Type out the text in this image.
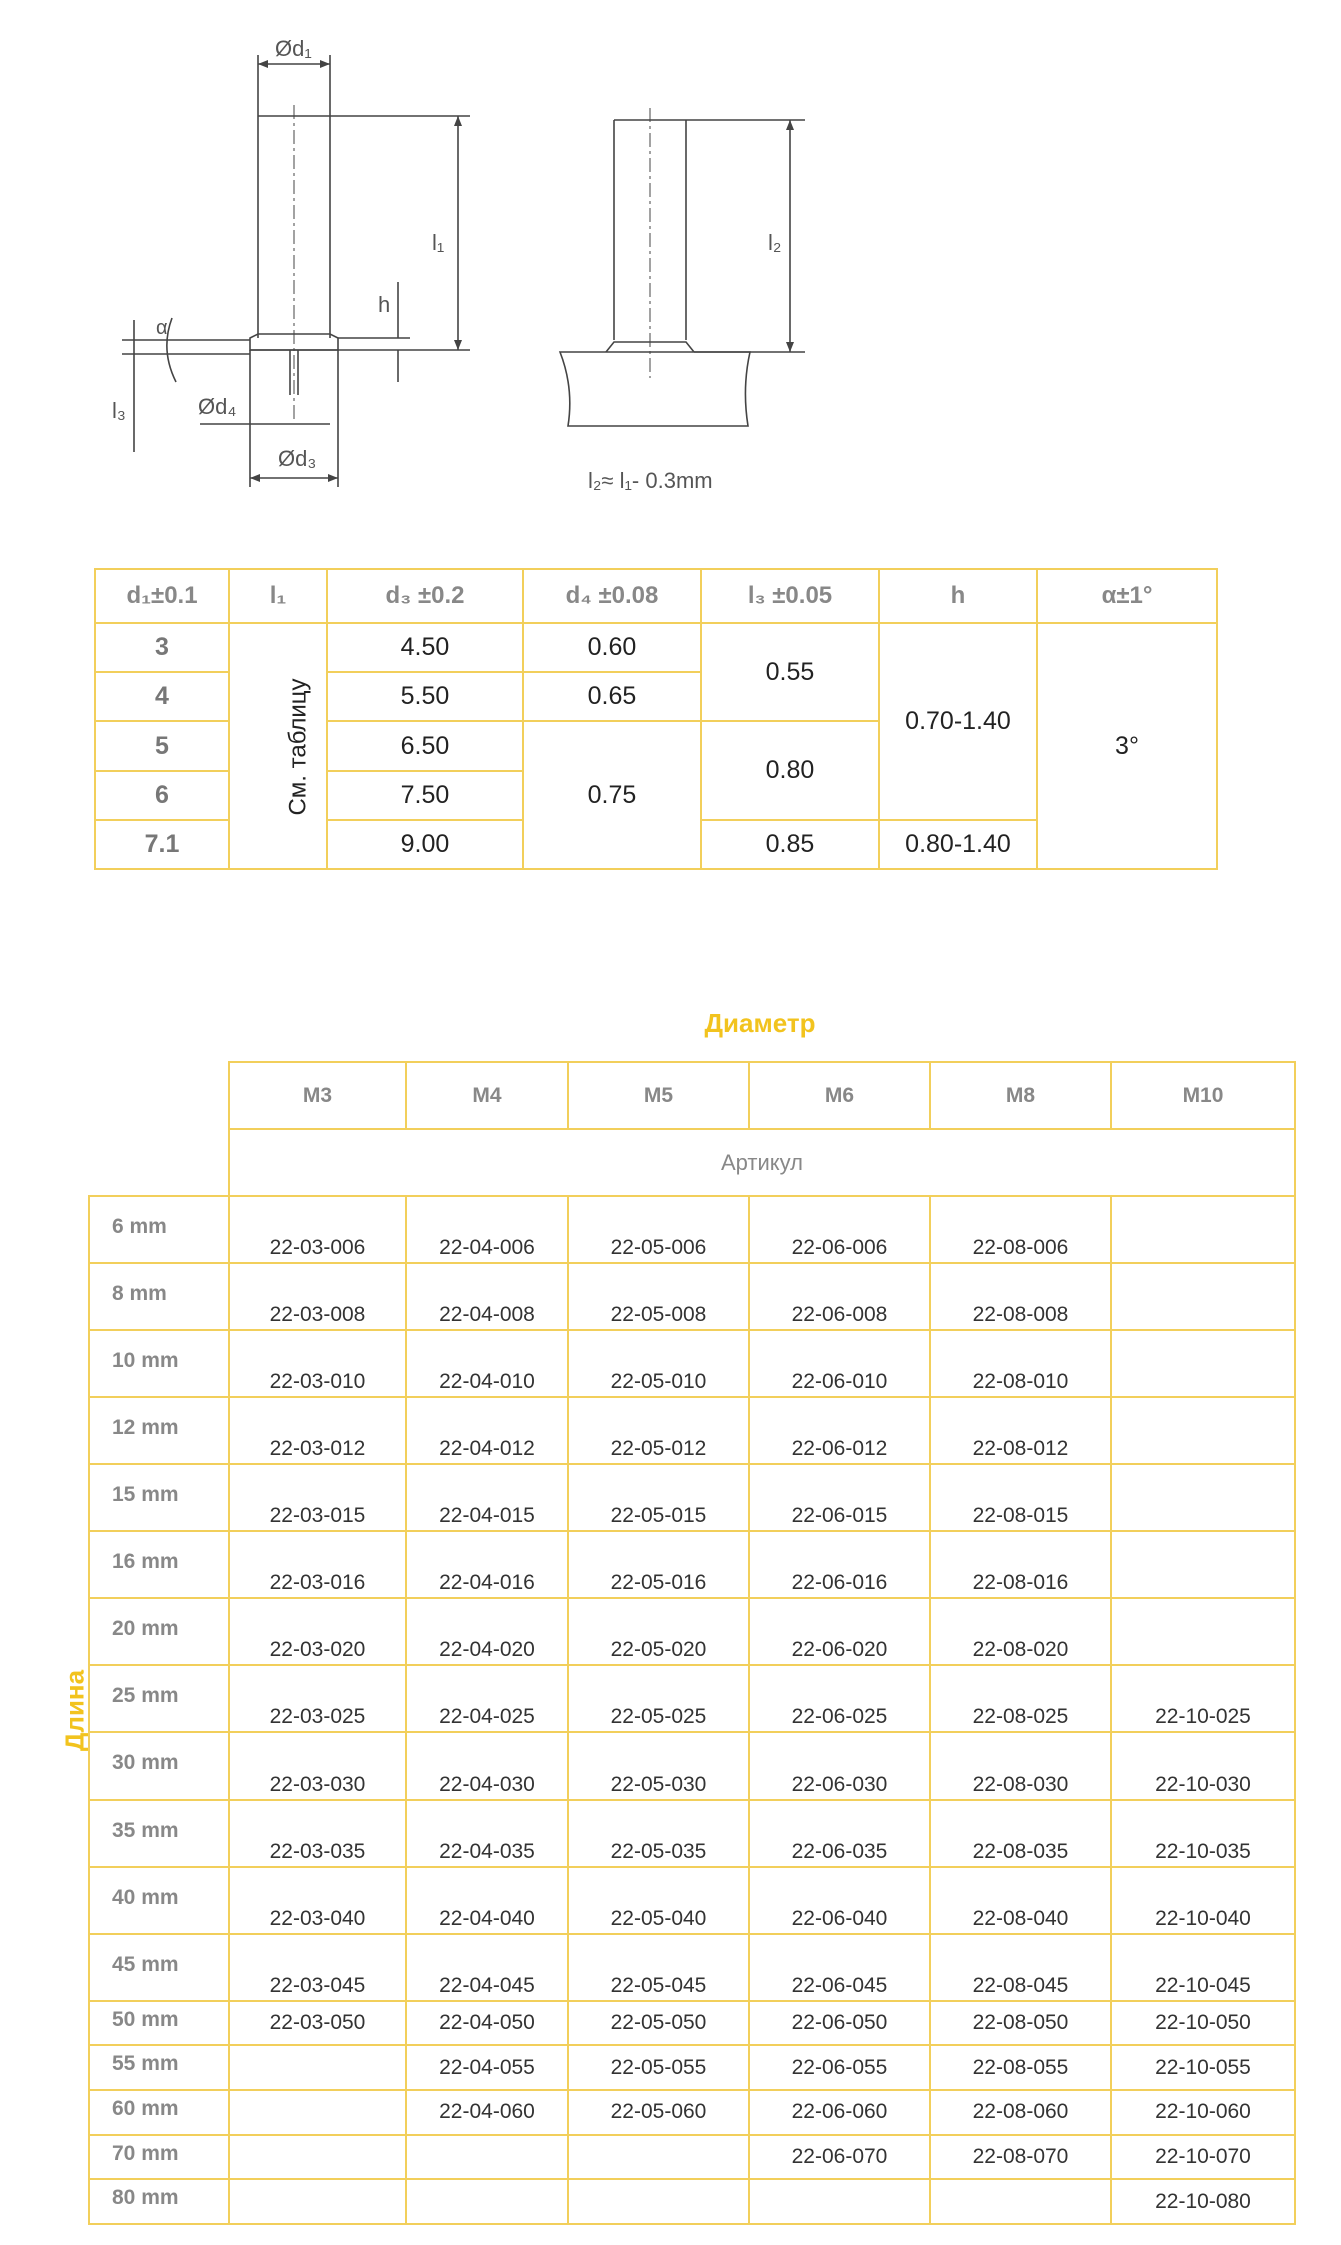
Ød₁
l₁
h
α
l₃	Ød₄
Ød₃
l₂
l₂≈ l₁- 0.3mm
d₁±0.1	l₁	d₃ ±0.2	d₄ ±0.08	l₃ ±0.05	h	α±1°
3	См. таблицу	4.50	0.60	0.55	0.70-1.40	3°
4		5.50	0.65			
5		6.50	0.75	0.80		
6		7.50				
7.1		9.00		0.85	0.80-1.40	
Диаметр
Длина
	M3	M4	M5	M6	M8	M10
	Артикул					
6 mm	22-03-006	22-04-006	22-05-006	22-06-006	22-08-006	
8 mm	22-03-008	22-04-008	22-05-008	22-06-008	22-08-008	
10 mm	22-03-010	22-04-010	22-05-010	22-06-010	22-08-010	
12 mm	22-03-012	22-04-012	22-05-012	22-06-012	22-08-012	
15 mm	22-03-015	22-04-015	22-05-015	22-06-015	22-08-015	
16 mm	22-03-016	22-04-016	22-05-016	22-06-016	22-08-016	
20 mm	22-03-020	22-04-020	22-05-020	22-06-020	22-08-020	
25 mm	22-03-025	22-04-025	22-05-025	22-06-025	22-08-025	22-10-025
30 mm	22-03-030	22-04-030	22-05-030	22-06-030	22-08-030	22-10-030
35 mm	22-03-035	22-04-035	22-05-035	22-06-035	22-08-035	22-10-035
40 mm	22-03-040	22-04-040	22-05-040	22-06-040	22-08-040	22-10-040
45 mm	22-03-045	22-04-045	22-05-045	22-06-045	22-08-045	22-10-045
50 mm	22-03-050	22-04-050	22-05-050	22-06-050	22-08-050	22-10-050
55 mm		22-04-055	22-05-055	22-06-055	22-08-055	22-10-055
60 mm		22-04-060	22-05-060	22-06-060	22-08-060	22-10-060
70 mm				22-06-070	22-08-070	22-10-070
80 mm						22-10-080
